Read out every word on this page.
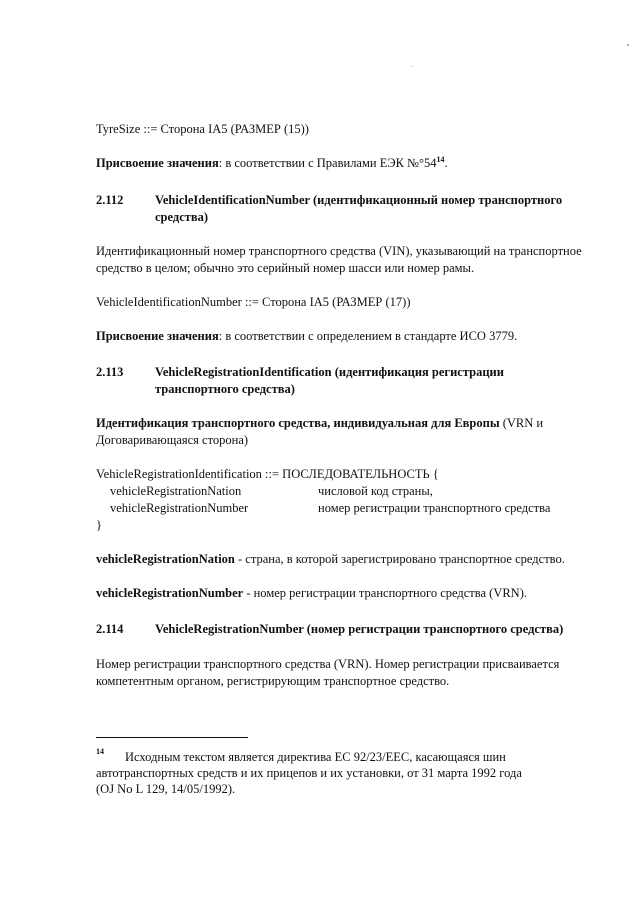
TyreSize ::= Сторона IA5 (РАЗМЕР (15))
Присвоение значения: в соответствии с Правилами ЕЭК $№^\circ 54^{14}$.
2.112	VehicleIdentificationNumber (идентификационный номер транспортного
средства)
Идентификационный номер транспортного средства (VIN), указывающий на транспортное
средство в целом; обычно это серийный номер шасси или номер рамы.
VehicleIdentificationNumber ::= Сторона IA5 (РАЗМЕР (17))
Присвоение значения: в соответствии с определением в стандарте ИСО 3779.
2.113	VehicleRegistrationIdentification (идентификация регистрации
транспортного средства)
Идентификация транспортного средства, индивидуальная для Европы (VRN и
Договаривающаяся сторона)
VehicleRegistrationIdentification ::= ПОСЛЕДОВАТЕЛЬНОСТЬ {
vehicleRegistrationNation	числовой код страны,
vehicleRegistrationNumber	номер регистрации транспортного средства
}
vehicleRegistrationNation - страна, в которой зарегистрировано транспортное средство.
vehicleRegistrationNumber - номер регистрации транспортного средства (VRN).
2.114	VehicleRegistrationNumber (номер регистрации транспортного средства)
Номер регистрации транспортного средства (VRN). Номер регистрации присваивается
компетентным органом, регистрирующим транспортное средство.
$^{14}$ Исходным текстом является директива ЕС 92/23/ЕЕС, касающаяся шин
автотранспортных средств и их прицепов и их установки, от 31 марта 1992 года
(OJ No L 129, 14/05/1992).
